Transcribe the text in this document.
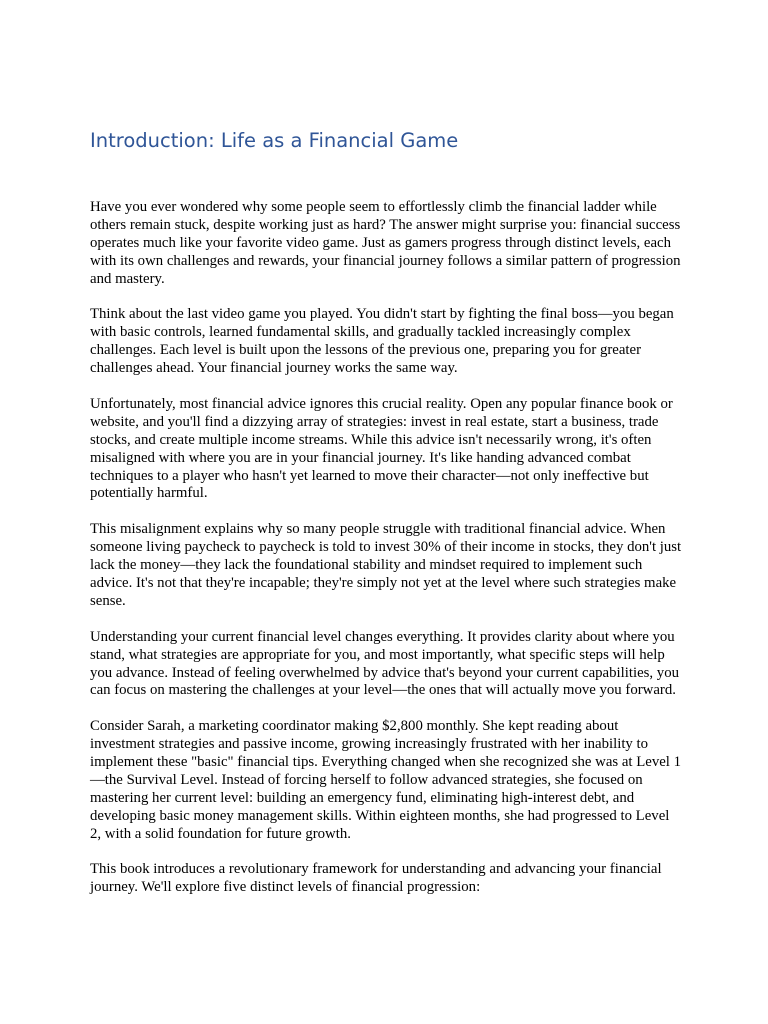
Introduction: Life as a Financial Game

Have you ever wondered why some people seem to effortlessly climb the financial ladder while others remain stuck, despite working just as hard? The answer might surprise you: financial success operates much like your favorite video game. Just as gamers progress through distinct levels, each with its own challenges and rewards, your financial journey follows a similar pattern of progression and mastery.

Think about the last video game you played. You didn't start by fighting the final boss—you began with basic controls, learned fundamental skills, and gradually tackled increasingly complex challenges. Each level is built upon the lessons of the previous one, preparing you for greater challenges ahead. Your financial journey works the same way.

Unfortunately, most financial advice ignores this crucial reality. Open any popular finance book or website, and you'll find a dizzying array of strategies: invest in real estate, start a business, trade stocks, and create multiple income streams. While this advice isn't necessarily wrong, it's often misaligned with where you are in your financial journey. It's like handing advanced combat techniques to a player who hasn't yet learned to move their character—not only ineffective but potentially harmful.

This misalignment explains why so many people struggle with traditional financial advice. When someone living paycheck to paycheck is told to invest 30% of their income in stocks, they don't just lack the money—they lack the foundational stability and mindset required to implement such advice. It's not that they're incapable; they're simply not yet at the level where such strategies make sense.

Understanding your current financial level changes everything. It provides clarity about where you stand, what strategies are appropriate for you, and most importantly, what specific steps will help you advance. Instead of feeling overwhelmed by advice that's beyond your current capabilities, you can focus on mastering the challenges at your level—the ones that will actually move you forward.

Consider Sarah, a marketing coordinator making $2,800 monthly. She kept reading about investment strategies and passive income, growing increasingly frustrated with her inability to implement these "basic" financial tips. Everything changed when she recognized she was at Level 1—the Survival Level. Instead of forcing herself to follow advanced strategies, she focused on mastering her current level: building an emergency fund, eliminating high-interest debt, and developing basic money management skills. Within eighteen months, she had progressed to Level 2, with a solid foundation for future growth.

This book introduces a revolutionary framework for understanding and advancing your financial journey. We'll explore five distinct levels of financial progression:
